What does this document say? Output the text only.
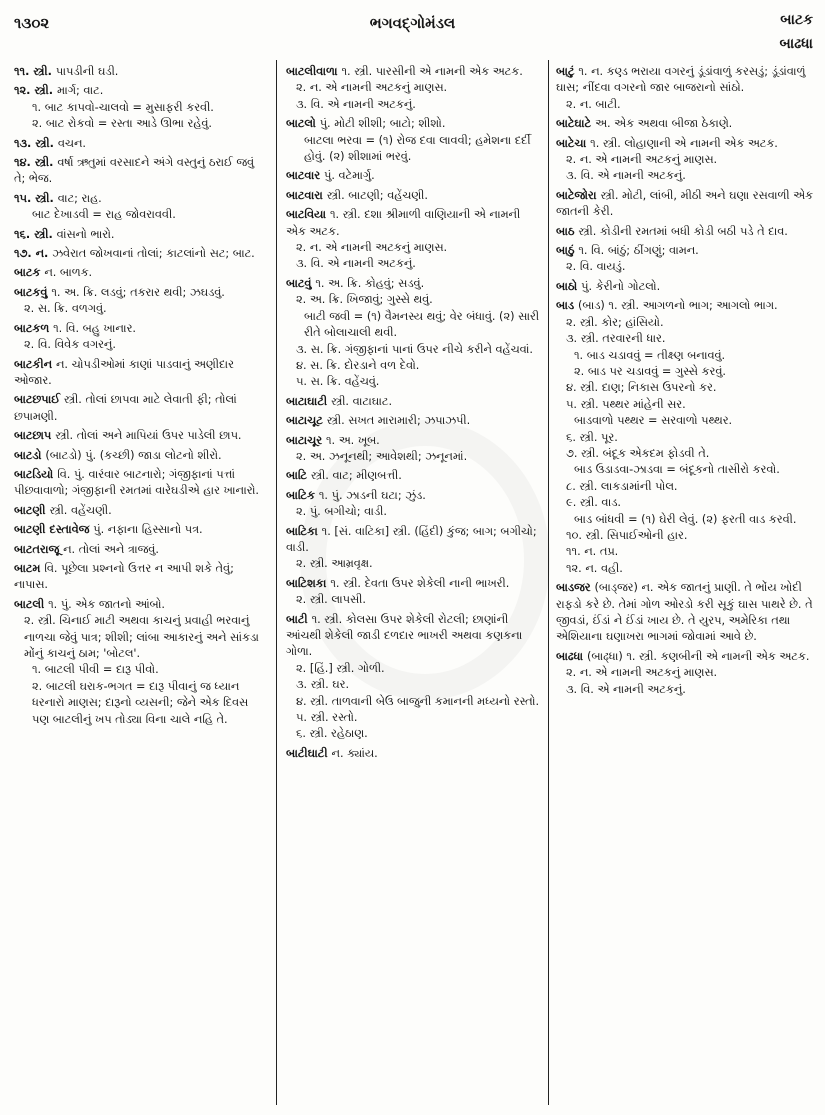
૧૩૦૨	ભગવદ્ગોમંડલ	બાટક
બાઢધા
૧૧. સ્ત્રી. પાપડીની ઘડી.
૧૨. સ્ત્રી. માર્ગ; વાટ.
૧. બાટ કાપવો-ચાલવો = મુસાફરી કરવી.
૨. બાટ રોકવો = રસ્તા આડે ઊભા રહેવું.
૧૩. સ્ત્રી. વચન.
૧૪. સ્ત્રી. વર્ષા ઋતુમાં વરસાદને અંગે વસ્તુનું ઠરાઈ જવું તે; ભેજ.
૧૫. સ્ત્રી. વાટ; રાહ.
બાટ દેખાડવી = રાહ જોવરાવવી.
૧૬. સ્ત્રી. વાંસનો ભારો.
૧૭. ન. ઝવેરાત જોખવાનાં તોલાં; કાટલાંનો સટ; બાટ.
બાટક ન. બાળક.
બાટકવું ૧. અ. ક્રિ. લડવું; તકરાર થવી; ઝઘડવું.
૨. સ. ક્રિ. વળગવું.
બાટકળ ૧. વિ. બહુ ખાનાર.
૨. વિ. વિવેક વગરનું.
બાટકીન ન. ચોપડીઓમાં કાણાં પાડવાનું અણીદાર ઓજાર.
બાટછપાઈ સ્ત્રી. તોલાં છાપવા માટે લેવાતી ફી; તોલાં છપામણી.
બાટછાપ સ્ત્રી. તોલાં અને માપિયાં ઉપર પાડેલી છાપ.
બાટડો (બાટડો) પું. (કચ્છી) જાડા લોટનો શીરો.
બાટડિયો વિ. પું. વારંવાર બાટનારો; ગંજીફાનાં પત્તાં પીછવાવાળો; ગંજીફાની રમતમાં વારેઘડીએ હાર ખાનારો.
બાટણી સ્ત્રી. વહેંચણી.
બાટણી દસ્તાવેજ પું. નફાના હિસ્સાનો પત્ર.
બાટતરાજૂ ન. તોલાં અને ત્રાજવું.
બાટમ વિ. પૂછેલા પ્રશ્નનો ઉત્તર ન આપી શકે તેવું; નાપાસ.
બાટલી ૧. પું. એક જાતનો આંબો.
૨. સ્ત્રી. ચિનાઈ માટી અથવા કાચનું પ્રવાહી ભરવાનું નાળચા જેવું પાત્ર; શીશી; લાંબા આકારનું અને સાંકડા મોંનું કાચનું ઠામ; 'બોટલ'.
૧. બાટલી પીવી = દારૂ પીવો.
૨. બાટલી ઘરાક-ભગત = દારૂ પીવાનું જ ધ્યાન ધરનારો માણસ; દારૂનો વ્યસની; જેને એક દિવસ પણ બાટલીનું ખપ તોડ્યા વિના ચાલે નહિ તે.
બાટલીવાળા ૧. સ્ત્રી. પારસીની એ નામની એક અટક.
૨. ન. એ નામની અટકનું માણસ.
૩. વિ. એ નામની અટકનું.
બાટલો પું. મોટી શીશી; બાટો; શીશો.
બાટલા ભરવા = (૧) રોજ દવા લાવવી; હમેશના દર્દી હોવું. (૨) શીશામાં ભરવું.
બાટવાર પું. વટેમાર્ગુ.
બાટવારા સ્ત્રી. બાટણી; વહેંચણી.
બાટવિયા ૧. સ્ત્રી. દશા શ્રીમાળી વાણિયાની એ નામની એક અટક.
૨. ન. એ નામની અટકનું માણસ.
૩. વિ. એ નામની અટકનું.
બાટવું ૧. અ. ક્રિ. કોહવું; સડવું.
૨. અ. ક્રિ. ખિજાવું; ગુસ્સે થવું.
બાટી જવી = (૧) વૈમનસ્ય થવું; વેર બંધાવું. (૨) સારી રીતે બોલાચાલી થવી.
૩. સ. ક્રિ. ગંજીફાનાં પાનાં ઉપર નીચે કરીને વહેંચવાં.
૪. સ. ક્રિ. દોરડાને વળ દેવો.
૫. સ. ક્રિ. વહેંચવું.
બાટાઘાટી સ્ત્રી. વાટાઘાટ.
બાટાચૂટ સ્ત્રી. સખત મારામારી; ઝપાઝપી.
બાટાચૂર ૧. અ. ખૂબ.
૨. અ. ઝનૂનથી; આવેશથી; ઝનૂનમાં.
બાટિ સ્ત્રી. વાટ; મીણબત્તી.
બાટિક ૧. પું. ઝાડની ઘટા; ઝુંડ.
૨. પું. બગીચો; વાડી.
બાટિકા ૧. [સં. વાટિકા] સ્ત્રી. (હિંદી) કુંજ; બાગ; બગીચો; વાડી.
૨. સ્ત્રી. આમ્રવૃક્ષ.
બાટિશકા ૧. સ્ત્રી. દેવતા ઉપર શેકેલી નાની ભાખરી.
૨. સ્ત્રી. લાપસી.
બાટી ૧. સ્ત્રી. કોલસા ઉપર શેકેલી રોટલી; છાણાંની આંચથી શેકેલી જાડી દળદાર ભાખરી અથવા કણકના ગોળા.
૨. [હિં.] સ્ત્રી. ગોળી.
૩. સ્ત્રી. ઘર.
૪. સ્ત્રી. તાળવાની બેઉ બાજુની કમાનની મધ્યનો રસ્તો.
૫. સ્ત્રી. રસ્તો.
૬. સ્ત્રી. રહેઠાણ.
બાટીઘાટી ન. ક્યાંય.
બાટું ૧. ન. કણ્ડ ભરાયા વગરનું ડૂંડાંવાળું કરસડું; ડૂંડાંવાળું ઘાસ; નીંદવા વગરનો જાર બાજરાનો સાંઠો.
૨. ન. બાટી.
બાટેઘાટે અ. એક અથવા બીજા ઠેકાણે.
બાટેચા ૧. સ્ત્રી. લોહાણાની એ નામની એક અટક.
૨. ન. એ નામની અટકનું માણસ.
૩. વિ. એ નામની અટકનું.
બાટેજોરા સ્ત્રી. મોટી, લાંબી, મીઠી અને ઘણા રસવાળી એક જાતની કેરી.
બાઠ સ્ત્રી. કોડીની રમતમાં બધી કોડી બઠી પડે તે દાવ.
બાઠું ૧. વિ. બાંઠું; ઠીંગણું; વામન.
૨. વિ. વાયડું.
બાઠો પું. કેરીનો ગોટલો.
બાડ (બાડ) ૧. સ્ત્રી. આગળનો ભાગ; આગલો ભાગ.
૨. સ્ત્રી. કોર; હાંસિયો.
૩. સ્ત્રી. તરવારની ધાર.
૧. બાડ ચડાવવું = તીક્ષ્ણ બનાવવું.
૨. બાડ પર ચડાવવું = ગુસ્સે કરવું.
૪. સ્ત્રી. દાણ; નિકાસ ઉપરનો કર.
૫. સ્ત્રી. પથ્થર માંહેની સર.
બાડવાળો પથ્થર = સરવાળો પથ્થર.
૬. સ્ત્રી. પૂર.
૭. સ્ત્રી. બંદૂક એકદમ ફોડવી તે.
બાડ ઉડાડવા-ઝાડવા = બંદૂકનો તાસીરો કરવો.
૮. સ્ત્રી. લાકડામાંની પોલ.
૯. સ્ત્રી. વાડ.
બાડ બાંધવી = (૧) ઘેરી લેવું. (૨) ફરતી વાડ કરવી.
૧૦. સ્ત્રી. સિપાઈઓની હાર.
૧૧. ન. તપ્ર.
૧૨. ન. વહી.
બાડજર (બાડ્જર) ન. એક જાતનું પ્રાણી. તે ભોંય ખોદી રાફડો કરે છે. તેમાં ગોળ ઓરડો કરી સૂકું ઘાસ પાથરે છે. તે જીવડાં, ઈંડાં ને ઈંડાં ખાય છે. તે યુરપ, અમેરિકા તથા એશિયાના ઘણાખરા ભાગમાં જોવામાં આવે છે.
બાઢધા (બાઢ્ધા) ૧. સ્ત્રી. કણબીની એ નામની એક અટક.
૨. ન. એ નામની અટકનું માણસ.
૩. વિ. એ નામની અટકનું.
